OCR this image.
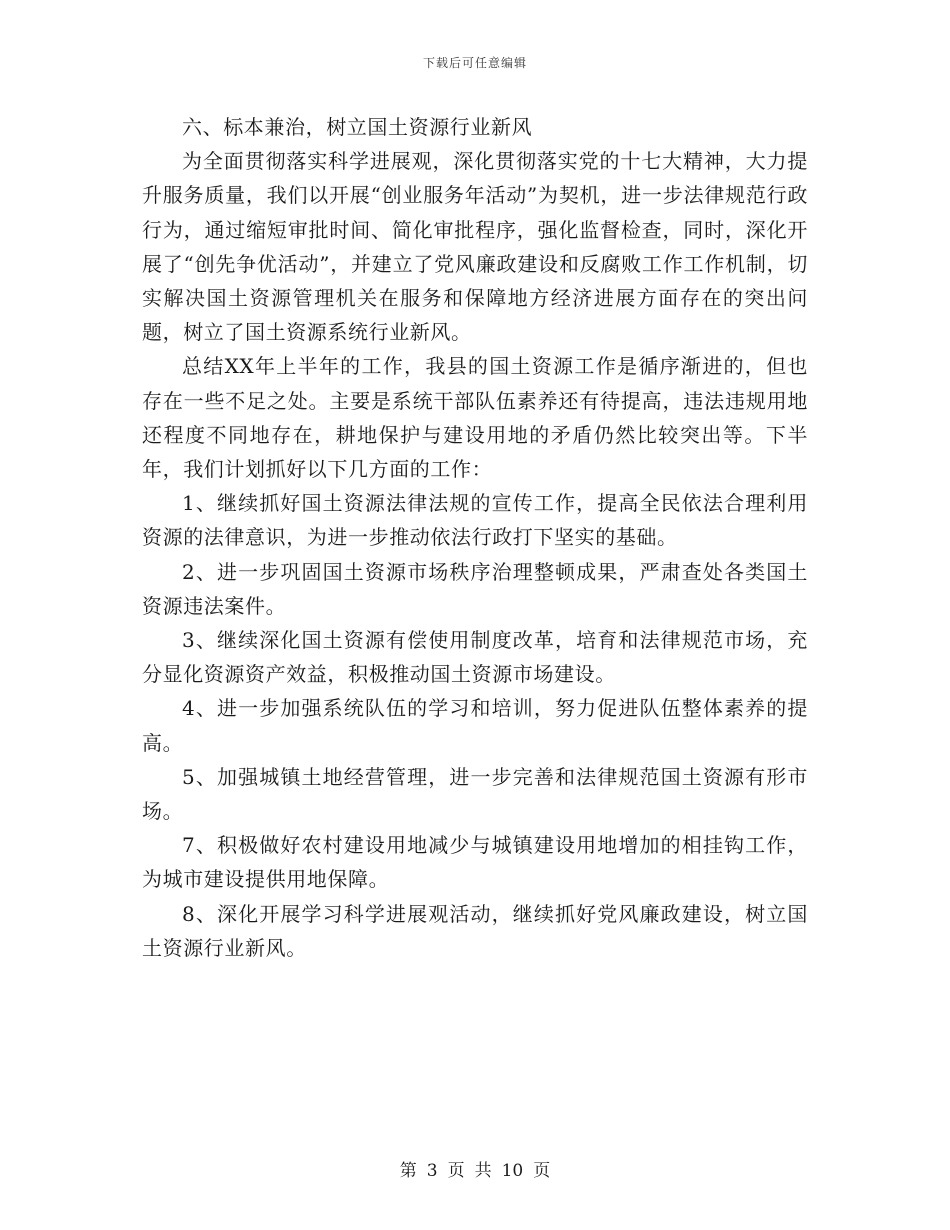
下载后可任意编辑

六、标本兼治，树立国土资源行业新风

为全面贯彻落实科学进展观，深化贯彻落实党的十七大精神，大力提升服务质量，我们以开展“创业服务年活动”为契机，进一步法律规范行政行为，通过缩短审批时间、简化审批程序，强化监督检查，同时，深化开展了“创先争优活动”，并建立了党风廉政建设和反腐败工作工作机制，切实解决国土资源管理机关在服务和保障地方经济进展方面存在的突出问题，树立了国土资源系统行业新风。

总结XX年上半年的工作，我县的国土资源工作是循序渐进的，但也存在一些不足之处。主要是系统干部队伍素养还有待提高，违法违规用地还程度不同地存在，耕地保护与建设用地的矛盾仍然比较突出等。下半年，我们计划抓好以下几方面的工作：

1、继续抓好国土资源法律法规的宣传工作，提高全民依法合理利用资源的法律意识，为进一步推动依法行政打下坚实的基础。

2、进一步巩固国土资源市场秩序治理整顿成果，严肃查处各类国土资源违法案件。

3、继续深化国土资源有偿使用制度改革，培育和法律规范市场，充分显化资源资产效益，积极推动国土资源市场建设。

4、进一步加强系统队伍的学习和培训，努力促进队伍整体素养的提高。

5、加强城镇土地经营管理，进一步完善和法律规范国土资源有形市场。

7、积极做好农村建设用地减少与城镇建设用地增加的相挂钩工作，为城市建设提供用地保障。

8、深化开展学习科学进展观活动，继续抓好党风廉政建设，树立国土资源行业新风。

第 3 页 共 10 页
